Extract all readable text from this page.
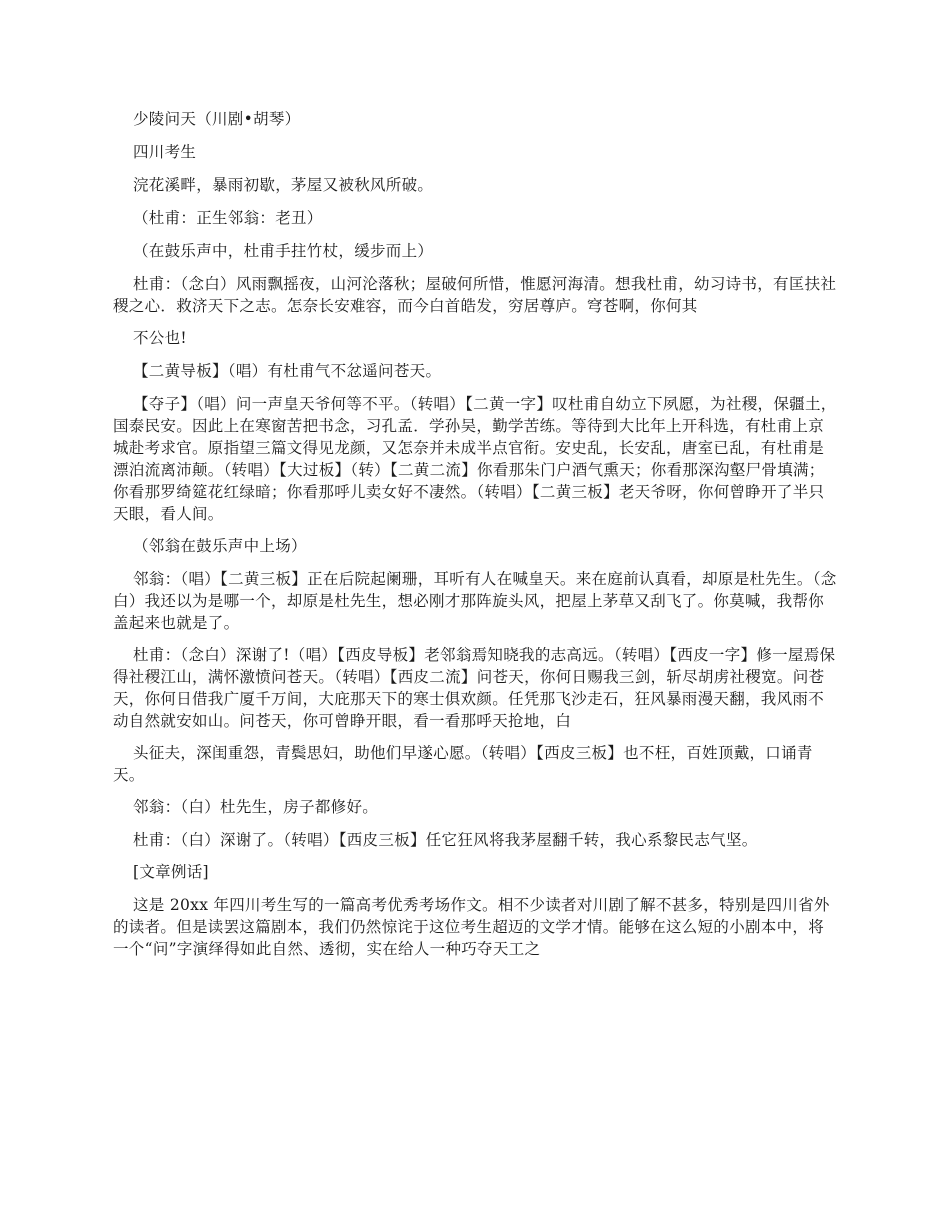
少陵问天（川剧•胡琴）

四川考生

浣花溪畔，暴雨初歇，茅屋又被秋风所破。

（杜甫：正生邻翁：老丑）

（在鼓乐声中，杜甫手拄竹杖，缓步而上）

杜甫：（念白）风雨飘摇夜，山河沦落秋；屋破何所惜，惟愿河海清。想我杜甫，幼习诗书，有匡扶社稷之心．救济天下之志。怎奈长安难容，而今白首皓发，穷居尊庐。穹苍啊，你何其

不公也!

【二黄导板】（唱）有杜甫气不忿遥问苍天。

【夺子】（唱）问一声皇天爷何等不平。（转唱）【二黄一字】叹杜甫自幼立下夙愿，为社稷，保疆土，国泰民安。因此上在寒窗苦把书念，习孔孟．学孙吴，勤学苦练。等待到大比年上开科选，有杜甫上京城赴考求官。原指望三篇文得见龙颜，又怎奈并未成半点官衔。安史乱，长安乱，唐室已乱，有杜甫是漂泊流离沛颠。（转唱）【大过板】（转）【二黄二流】你看那朱门户酒气熏天；你看那深沟壑尸骨填满；你看那罗绮筵花红绿暗；你看那呼儿卖女好不凄然。（转唱）【二黄三板】老天爷呀，你何曾睁开了半只天眼，看人间。

（邻翁在鼓乐声中上场）

邻翁：（唱）【二黄三板】正在后院起阑珊，耳听有人在喊皇天。来在庭前认真看，却原是杜先生。（念白）我还以为是哪一个，却原是杜先生，想必刚才那阵旋头风，把屋上茅草又刮飞了。你莫喊，我帮你盖起来也就是了。

杜甫：（念白）深谢了!（唱）【西皮导板】老邻翁焉知晓我的志高远。（转唱）【西皮一字】修一屋焉保得社稷江山，满怀激愤问苍天。（转唱）【西皮二流】问苍天，你何日赐我三剑，斩尽胡虏社稷宽。问苍天，你何日借我广厦千万间，大庇那天下的寒士俱欢颜。任凭那飞沙走石，狂风暴雨漫天翻，我风雨不动自然就安如山。问苍天，你可曾睁开眼，看一看那呼天抢地，白

头征夫，深闺重怨，青鬓思妇，助他们早遂心愿。（转唱）【西皮三板】也不枉，百姓顶戴，口诵青天。

邻翁：（白）杜先生，房子都修好。

杜甫：（白）深谢了。（转唱）【西皮三板】任它狂风将我茅屋翻千转，我心系黎民志气坚。

[文章例话]

这是 20xx 年四川考生写的一篇高考优秀考场作文。相不少读者对川剧了解不甚多，特别是四川省外的读者。但是读罢这篇剧本，我们仍然惊诧于这位考生超迈的文学才情。能够在这么短的小剧本中，将一个“问”字演绎得如此自然、透彻，实在给人一种巧夺天工之
